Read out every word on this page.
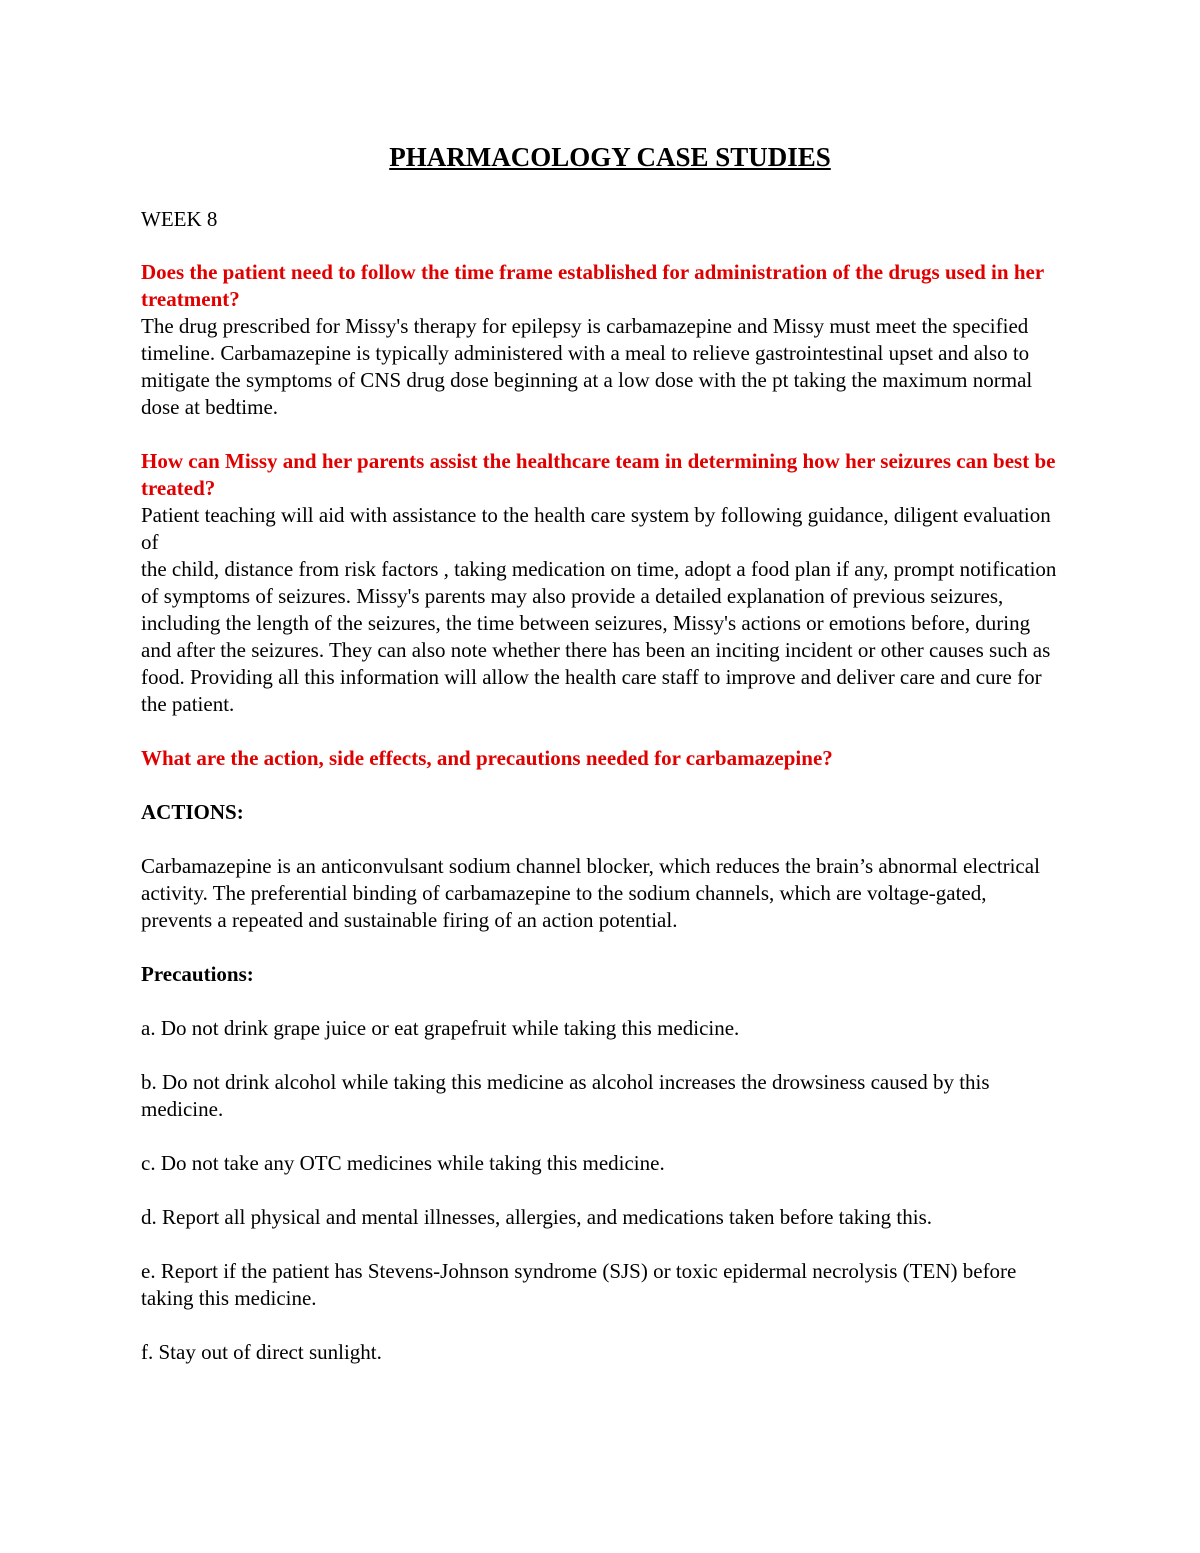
PHARMACOLOGY CASE STUDIES

WEEK 8

Does the patient need to follow the time frame established for administration of the drugs used in her treatment?

The drug prescribed for Missy's therapy for epilepsy is carbamazepine and Missy must meet the specified timeline. Carbamazepine is typically administered with a meal to relieve gastrointestinal upset and also to mitigate the symptoms of CNS drug dose beginning at a low dose with the pt taking the maximum normal dose at bedtime.

How can Missy and her parents assist the healthcare team in determining how her seizures can best be treated?

Patient teaching will aid with assistance to the health care system by following guidance, diligent evaluation of

the child, distance from risk factors , taking medication on time, adopt a food plan if any, prompt notification of symptoms of seizures. Missy's parents may also provide a detailed explanation of previous seizures, including the length of the seizures, the time between seizures, Missy's actions or emotions before, during and after the seizures. They can also note whether there has been an inciting incident or other causes such as food. Providing all this information will allow the health care staff to improve and deliver care and cure for the patient.

What are the action, side effects, and precautions needed for carbamazepine?

ACTIONS:

Carbamazepine is an anticonvulsant sodium channel blocker, which reduces the brain’s abnormal electrical activity. The preferential binding of carbamazepine to the sodium channels, which are voltage-gated, prevents a repeated and sustainable firing of an action potential.

Precautions:

a. Do not drink grape juice or eat grapefruit while taking this medicine.

b. Do not drink alcohol while taking this medicine as alcohol increases the drowsiness caused by this medicine.

c. Do not take any OTC medicines while taking this medicine.

d. Report all physical and mental illnesses, allergies, and medications taken before taking this.

e. Report if the patient has Stevens-Johnson syndrome (SJS) or toxic epidermal necrolysis (TEN) before taking this medicine.

f. Stay out of direct sunlight.
